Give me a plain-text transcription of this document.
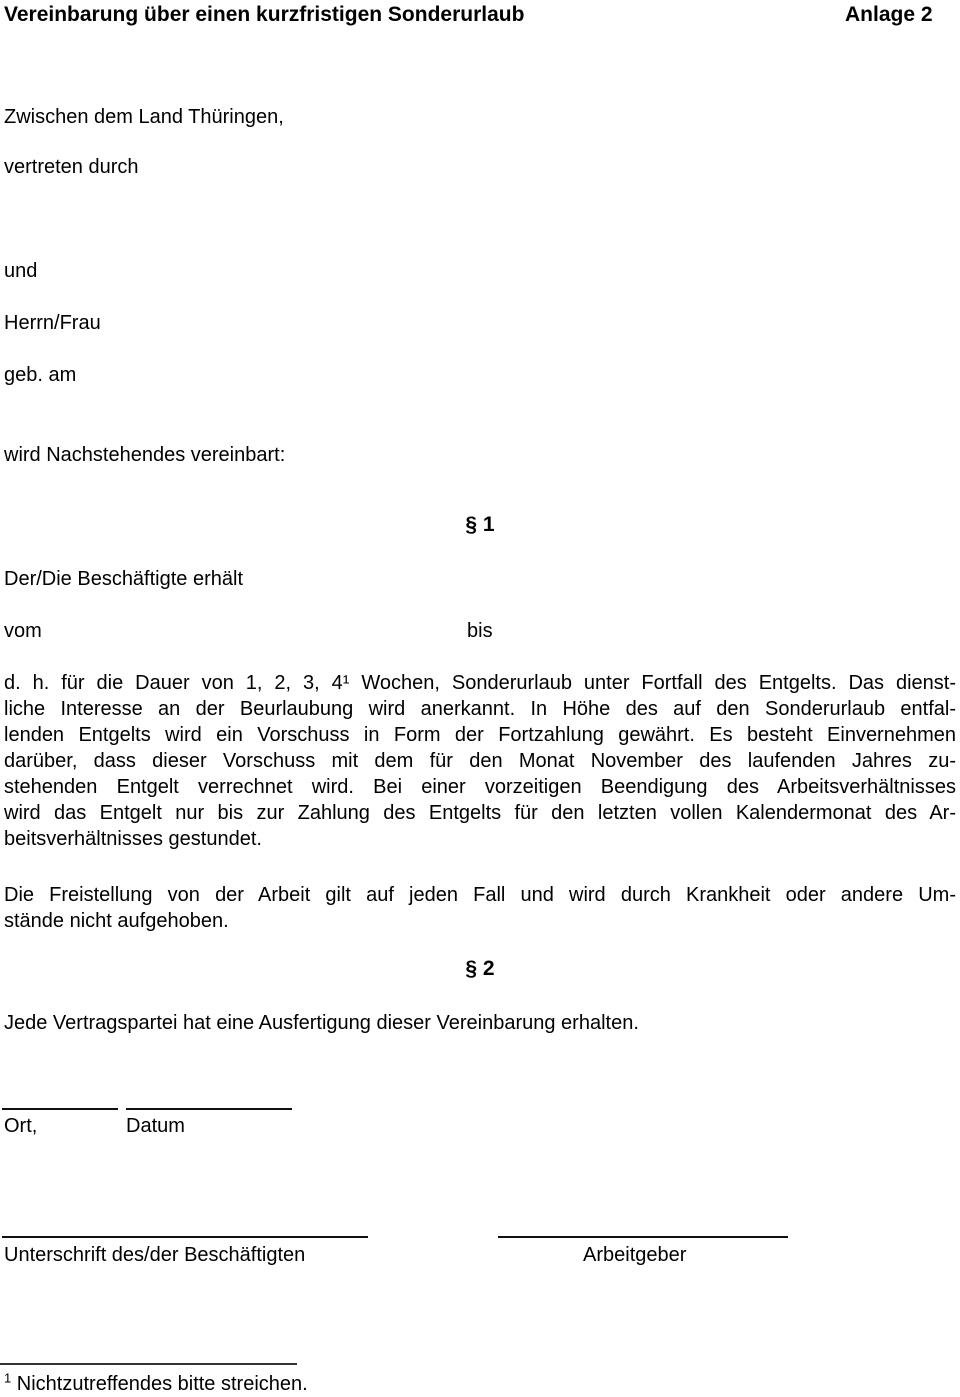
Vereinbarung über einen kurzfristigen Sonderurlaub	Anlage 2
Zwischen dem Land Thüringen,
vertreten durch
und
Herrn/Frau
geb. am
wird Nachstehendes vereinbart:
§ 1
Der/Die Beschäftigte erhält
vom	bis
d. h. für die Dauer von 1, 2, 3, 4¹ Wochen, Sonderurlaub unter Fortfall des Entgelts. Das dienst-
liche Interesse an der Beurlaubung wird anerkannt. In Höhe des auf den Sonderurlaub entfal-
lenden Entgelts wird ein Vorschuss in Form der Fortzahlung gewährt. Es besteht Einvernehmen
darüber, dass dieser Vorschuss mit dem für den Monat November des laufenden Jahres zu-
stehenden Entgelt verrechnet wird. Bei einer vorzeitigen Beendigung des Arbeitsverhältnisses
wird das Entgelt nur bis zur Zahlung des Entgelts für den letzten vollen Kalendermonat des Ar-
beitsverhältnisses gestundet.
Die Freistellung von der Arbeit gilt auf jeden Fall und wird durch Krankheit oder andere Um-
stände nicht aufgehoben.
§ 2
Jede Vertragspartei hat eine Ausfertigung dieser Vereinbarung erhalten.
Ort,	Datum
Unterschrift des/der Beschäftigten	Arbeitgeber
$^1$ Nichtzutreffendes bitte streichen.
